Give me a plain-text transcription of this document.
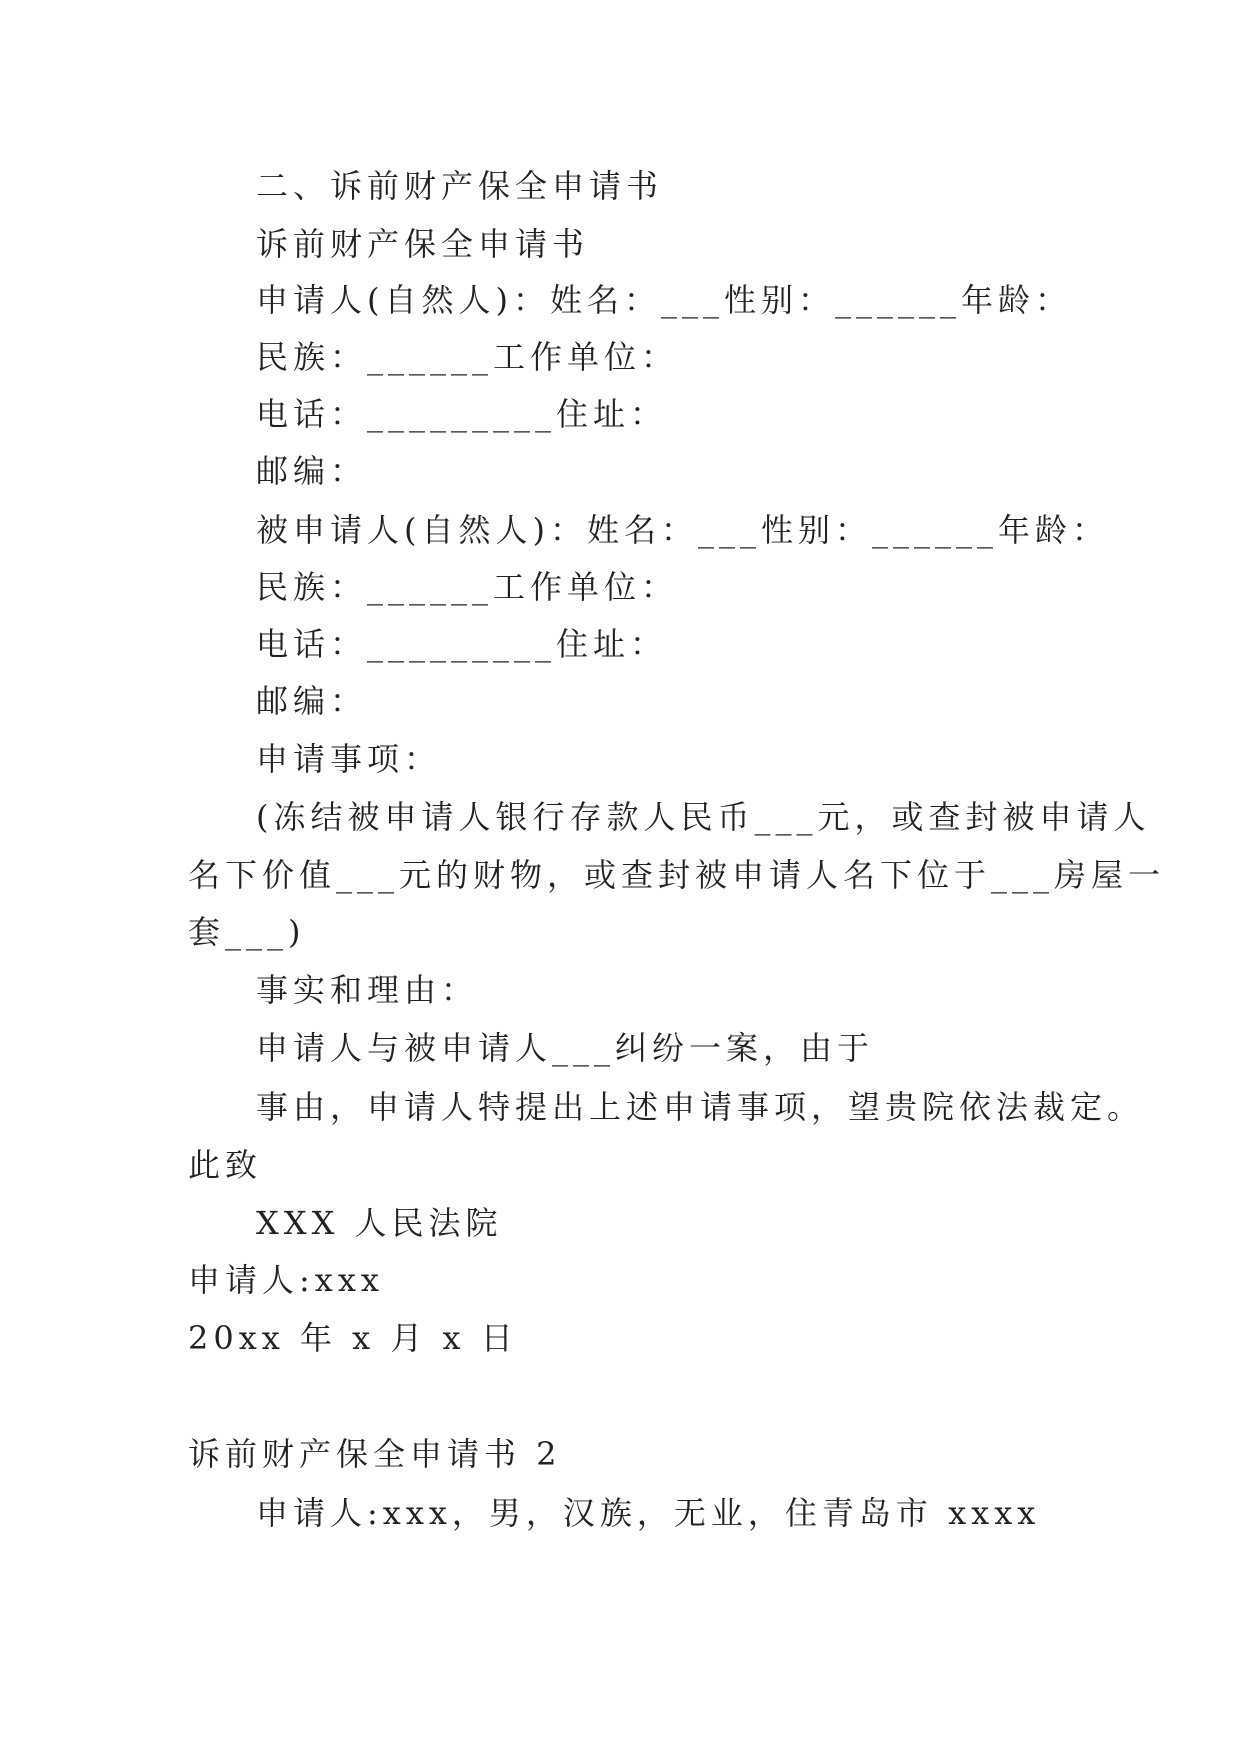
二、诉前财产保全申请书
诉前财产保全申请书
申请人(自然人)：姓名：___性别：______年龄：
民族：______工作单位：
电话：_________住址：
邮编：
被申请人(自然人)：姓名：___性别：______年龄：
民族：______工作单位：
电话：_________住址：
邮编：
申请事项：
(冻结被申请人银行存款人民币___元，或查封被申请人
名下价值___元的财物，或查封被申请人名下位于___房屋一
套___)
事实和理由：
申请人与被申请人___纠纷一案，由于
事由，申请人特提出上述申请事项，望贵院依法裁定。
此致
XXX 人民法院
申请人:xxx
20xx 年 x 月 x 日
诉前财产保全申请书 2
申请人:xxx，男，汉族，无业，住青岛市 xxxx
